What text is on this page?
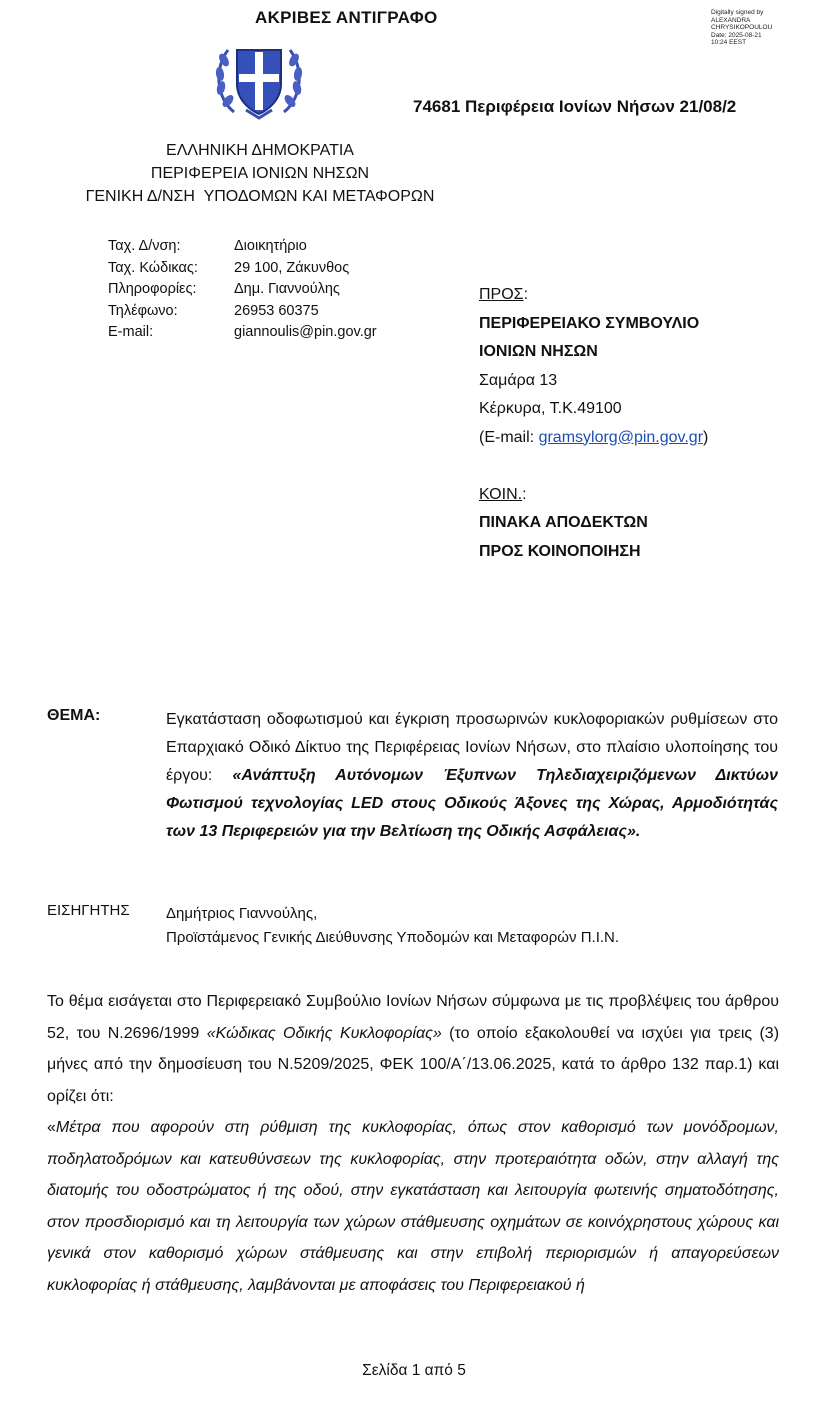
ΑΚΡΙΒΕΣ ΑΝΤΙΓΡΑΦΟ	Digitally signed by
ALEXANDRA
CHRYSIKOPOULOU
Date: 2025-08-21
10:24 EEST
74681 Περιφέρεια Ιονίων Νήσων 21/08/2
ΕΛΛΗΝΙΚΗ ΔΗΜΟΚΡΑΤΙΑ
ΠΕΡΙΦΕΡΕΙΑ ΙΟΝΙΩΝ ΝΗΣΩΝ
ΓΕΝΙΚΗ Δ/ΝΣΗ  ΥΠΟΔΟΜΩΝ ΚΑΙ ΜΕΤΑΦΟΡΩΝ
Ταχ. Δ/νση:	Διοικητήριο
Ταχ. Κώδικας:	29 100, Ζάκυνθος
Πληροφορίες:	Δημ. Γιαννούλης
Τηλέφωνο:	26953 60375
E-mail:	giannoulis@pin.gov.gr
ΠΡΟΣ:
ΠΕΡΙΦΕΡΕΙΑΚΟ ΣΥΜΒΟΥΛΙΟ
ΙΟΝΙΩΝ ΝΗΣΩΝ
Σαμάρα 13
Κέρκυρα, Τ.Κ.49100
(E-mail: gramsylorg@pin.gov.gr)
ΚΟΙΝ.:
ΠΙΝΑΚΑ ΑΠΟΔΕΚΤΩΝ
ΠΡΟΣ ΚΟΙΝΟΠΟΙΗΣΗ
ΘΕΜΑ:	Εγκατάσταση οδοφωτισμού και έγκριση προσωρινών κυκλοφοριακών ρυθμίσεων στο Επαρχιακό Οδικό Δίκτυο της Περιφέρειας Ιονίων Νήσων, στο πλαίσιο υλοποίησης του έργου: «Ανάπτυξη Αυτόνομων Έξυπνων Τηλεδιαχειριζόμενων Δικτύων Φωτισμού τεχνολογίας LED στους Οδικούς Άξονες της Χώρας, Αρμοδιότητάς των 13 Περιφερειών για την Βελτίωση της Οδικής Ασφάλειας».
ΕΙΣΗΓΗΤΗΣ Δημήτριος Γιαννούλης,
Προϊστάμενος Γενικής Διεύθυνσης Υποδομών και Μεταφορών Π.Ι.Ν.

Το θέμα εισάγεται στο Περιφερειακό Συμβούλιο Ιονίων Νήσων σύμφωνα με τις προβλέψεις του άρθρου 52, του Ν.2696/1999 «Κώδικας Οδικής Κυκλοφορίας» (το οποίο εξακολουθεί να ισχύει για τρεις (3) μήνες από την δημοσίευση του Ν.5209/2025, ΦΕΚ 100/Α΄/13.06.2025, κατά το άρθρο 132 παρ.1) και ορίζει ότι:

«Μέτρα που αφορούν στη ρύθμιση της κυκλοφορίας, όπως στον καθορισμό των μονόδρομων, ποδηλατοδρόμων και κατευθύνσεων της κυκλοφορίας, στην προτεραιότητα οδών, στην αλλαγή της διατομής του οδοστρώματος ή της οδού, στην εγκατάσταση και λειτουργία φωτεινής σηματοδότησης, στον προσδιορισμό και τη λειτουργία των χώρων στάθμευσης οχημάτων σε κοινόχρηστους χώρους και γενικά στον καθορισμό χώρων στάθμευσης και στην επιβολή περιορισμών ή απαγορεύσεων κυκλοφορίας ή στάθμευσης, λαμβάνονται με αποφάσεις του Περιφερειακού ή

Σελίδα 1 από 5
